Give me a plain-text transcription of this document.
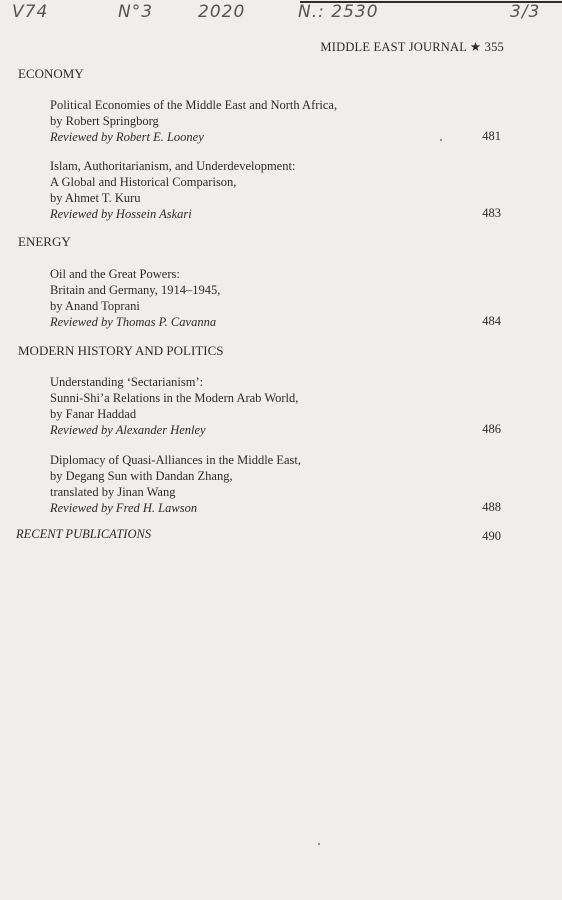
V74	N°3	2020	N.: 2530	3/3
MIDDLE EAST JOURNAL ★ 355
ECONOMY
Political Economies of the Middle East and North Africa,
by Robert Springborg
Reviewed by Robert E. Looney	481
Islam, Authoritarianism, and Underdevelopment:
A Global and Historical Comparison,
by Ahmet T. Kuru
Reviewed by Hossein Askari	483
ENERGY
Oil and the Great Powers:
Britain and Germany, 1914–1945,
by Anand Toprani
Reviewed by Thomas P. Cavanna	484
MODERN HISTORY AND POLITICS
Understanding ‘Sectarianism’:
Sunni-Shi’a Relations in the Modern Arab World,
by Fanar Haddad
Reviewed by Alexander Henley	486
Diplomacy of Quasi-Alliances in the Middle East,
by Degang Sun with Dandan Zhang,
translated by Jinan Wang
Reviewed by Fred H. Lawson	488
RECENT PUBLICATIONS	490
